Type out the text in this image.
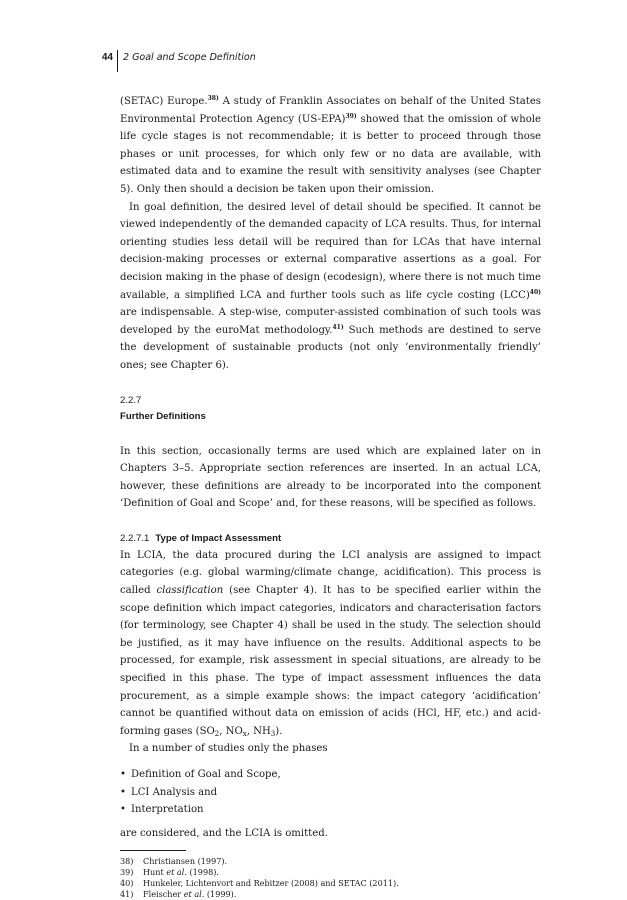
44 2 Goal and Scope Definition

(SETAC) Europe.$^{38)}$ A study of Franklin Associates on behalf of the United States Environmental Protection Agency $(US-EPA)^{39)}$ showed that the omission of whole life cycle stages is not recommendable; it is better to proceed through those phases or unit processes, for which only few or no data are available, with estimated data and to examine the result with sensitivity analyses (see Chapter 5). Only then should a decision be taken upon their omission.

In goal definition, the desired level of detail should be specified. It cannot be viewed independently of the demanded capacity of LCA results. Thus, for internal orienting studies less detail will be required than for LCAs that have internal decision-making processes or external comparative assertions as a goal. For decision making in the phase of design (ecodesign), where there is not much time available, a simplified LCA and further tools such as life cycle costing (LCC)$^{40)}$ are indispensable. A step-wise, computer-assisted combination of such tools was developed by the euroMat methodology.$^{41)}$ Such methods are destined to serve the development of sustainable products (not only ‘environmentally friendly’ ones; see Chapter 6).

2.2.7
Further Definitions

In this section, occasionally terms are used which are explained later on in Chapters 3–5. Appropriate section references are inserted. In an actual LCA, however, these definitions are already to be incorporated into the component ‘Definition of Goal and Scope’ and, for these reasons, will be specified as follows.

2.2.7.1 Type of Impact Assessment

In LCIA, the data procured during the LCI analysis are assigned to impact categories (e.g. global warming/climate change, acidification). This process is called classification (see Chapter 4). It has to be specified earlier within the scope definition which impact categories, indicators and characterisation factors (for terminology, see Chapter 4) shall be used in the study. The selection should be justified, as it may have influence on the results. Additional aspects to be processed, for example, risk assessment in special situations, are already to be specified in this phase. The type of impact assessment influences the data procurement, as a simple example shows: the impact category ‘acidification’ cannot be quantified without data on emission of acids (HCl, HF, etc.) and acid-forming gases ($SO_2$, $NO_x$, $NH_3$).

In a number of studies only the phases

• Definition of Goal and Scope,
• LCI Analysis and
• Interpretation

are considered, and the LCIA is omitted.

38) Christiansen (1997).
39) Hunt et al. (1998).
40) Hunkeler, Lichtenvort and Rebitzer (2008) and SETAC (2011).
41) Fleischer et al. (1999).
